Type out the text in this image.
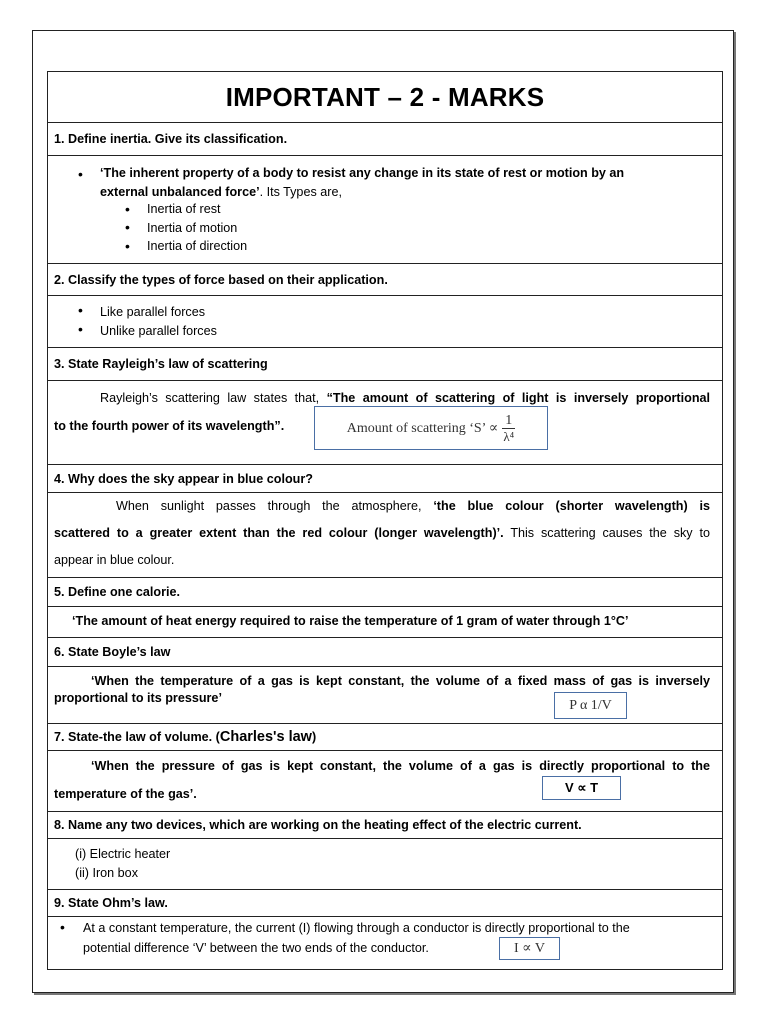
IMPORTANT – 2 - MARKS
1. Define inertia. Give its classification.
• ‘The inherent property of a body to resist any change in its state of rest or motion by an external unbalanced force’. Its Types are,
• Inertia of rest
• Inertia of motion
• Inertia of direction
2. Classify the types of force based on their application.
• Like parallel forces
• Unlike parallel forces
3. State Rayleigh’s law of scattering
Rayleigh’s scattering law states that, “The amount of scattering of light is inversely proportional
to the fourth power of its wavelength”.	Amount of scattering ‘S’ ∝ $\frac{1}{\text{λ⁴}}$
4. Why does the sky appear in blue colour?
When sunlight passes through the atmosphere, ‘the blue colour (shorter wavelength) is
scattered to a greater extent than the red colour (longer wavelength)’. This scattering causes the sky to
appear in blue colour.
5. Define one calorie.
‘The amount of heat energy required to raise the temperature of 1 gram of water through 1°C’
6. State Boyle’s law
‘When the temperature of a gas is kept constant, the volume of a fixed mass of gas is inversely
proportional to its pressure’	P α 1/V
7. State-the law of volume. ( Charles's law )
‘When the pressure of gas is kept constant, the volume of a gas is directly proportional to the
temperature of the gas’.	V ∝ T
8. Name any two devices, which are working on the heating effect of the electric current.
(i) Electric heater
(ii) Iron box
9. State Ohm’s law.
• At a constant temperature, the current (I) flowing through a conductor is directly proportional to the
potential difference ‘V’ between the two ends of the conductor.	I ∝ V
